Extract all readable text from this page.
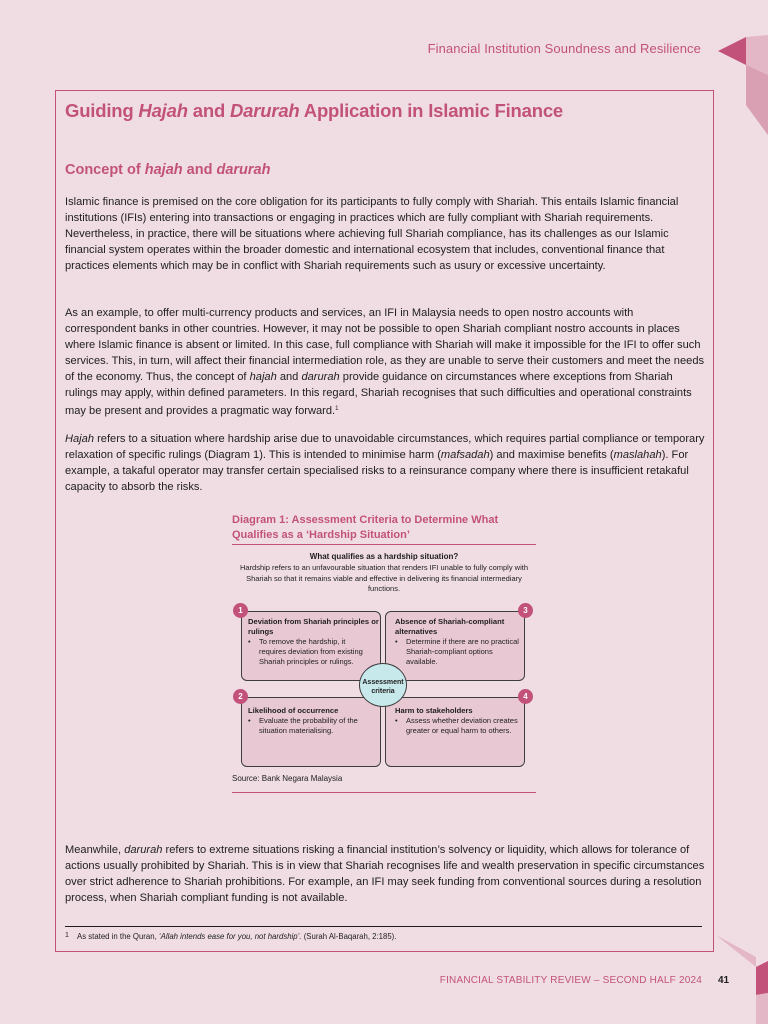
Financial Institution Soundness and Resilience
Guiding Hajah and Darurah Application in Islamic Finance
Concept of hajah and darurah
Islamic finance is premised on the core obligation for its participants to fully comply with Shariah. This entails Islamic financial institutions (IFIs) entering into transactions or engaging in practices which are fully compliant with Shariah requirements. Nevertheless, in practice, there will be situations where achieving full Shariah compliance, has its challenges as our Islamic financial system operates within the broader domestic and international ecosystem that includes, conventional finance that practices elements which may be in conflict with Shariah requirements such as usury or excessive uncertainty.
As an example, to offer multi-currency products and services, an IFI in Malaysia needs to open nostro accounts with correspondent banks in other countries. However, it may not be possible to open Shariah compliant nostro accounts in places where Islamic finance is absent or limited. In this case, full compliance with Shariah will make it impossible for the IFI to offer such services. This, in turn, will affect their financial intermediation role, as they are unable to serve their customers and meet the needs of the economy. Thus, the concept of hajah and darurah provide guidance on circumstances where exceptions from Shariah rulings may apply, within defined parameters. In this regard, Shariah recognises that such difficulties and operational constraints may be present and provides a pragmatic way forward.$^1$
Hajah refers to a situation where hardship arise due to unavoidable circumstances, which requires partial compliance or temporary relaxation of specific rulings (Diagram 1). This is intended to minimise harm (mafsadah) and maximise benefits (maslahah). For example, a takaful operator may transfer certain specialised risks to a reinsurance company where there is insufficient retakaful capacity to absorb the risks.
Diagram 1: Assessment Criteria to Determine What Qualifies as a ‘Hardship Situation’
What qualifies as a hardship situation?
Hardship refers to an unfavourable situation that renders IFI unable to fully comply with Shariah so that it remains viable and effective in delivering its financial intermediary functions.
Deviation from Shariah principles or rulings
• To remove the hardship, it requires deviation from existing Shariah principles or rulings.
Absence of Shariah-compliant alternatives
• Determine if there are no practical Shariah-compliant options available.
Likelihood of occurrence
• Evaluate the probability of the situation materialising.
Harm to stakeholders
• Assess whether deviation creates greater or equal harm to others.
1	3
2	4
Assessment criteria
Source: Bank Negara Malaysia
Meanwhile, darurah refers to extreme situations risking a financial institution’s solvency or liquidity, which allows for tolerance of actions usually prohibited by Shariah. This is in view that Shariah recognises life and wealth preservation in specific circumstances over strict adherence to Shariah prohibitions. For example, an IFI may seek funding from conventional sources during a resolution process, when Shariah compliant funding is not available.
1 As stated in the Quran, ‘Allah intends ease for you, not hardship’. (Surah Al-Baqarah, 2:185).
FINANCIAL STABILITY REVIEW – SECOND HALF 2024 41
